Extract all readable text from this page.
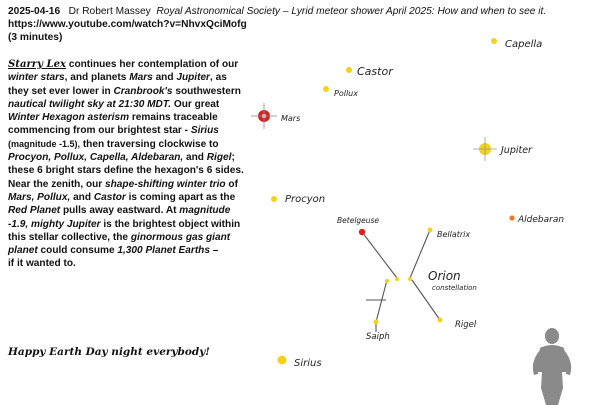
2025-04-16 Dr Robert Massey Royal Astronomical Society – Lyrid meteor shower April 2025: How and when to see it.
https://www.youtube.com/watch?v=NhvxQciMofg
(3 minutes)

Starry Lex continues her contemplation of our winter stars, and planets Mars and Jupiter, as they set ever lower in Cranbrook's southwestern nautical twilight sky at 21:30 MDT. Our great Winter Hexagon asterism remains traceable commencing from our brightest star - Sirius (magnitude -1.5), then traversing clockwise to Procyon, Pollux, Capella, Aldebaran, and Rigel; these 6 bright stars define the hexagon's 6 sides.

Near the zenith, our shape-shifting winter trio of Mars, Pollux, and Castor is coming apart as the Red Planet pulls away eastward. At magnitude -1.9, mighty Jupiter is the brightest object within this stellar collective, the ginormous gas giant planet could consume 1,300 Planet Earths –
if it wanted to.

Happy Earth Day night everybody!
Capella
Castor
Pollux
Mars
Jupiter
Procyon
Aldebaran
Betelgeuse
Bellatrix
Orion
constellation
Rigel
Saiph
Sirius
